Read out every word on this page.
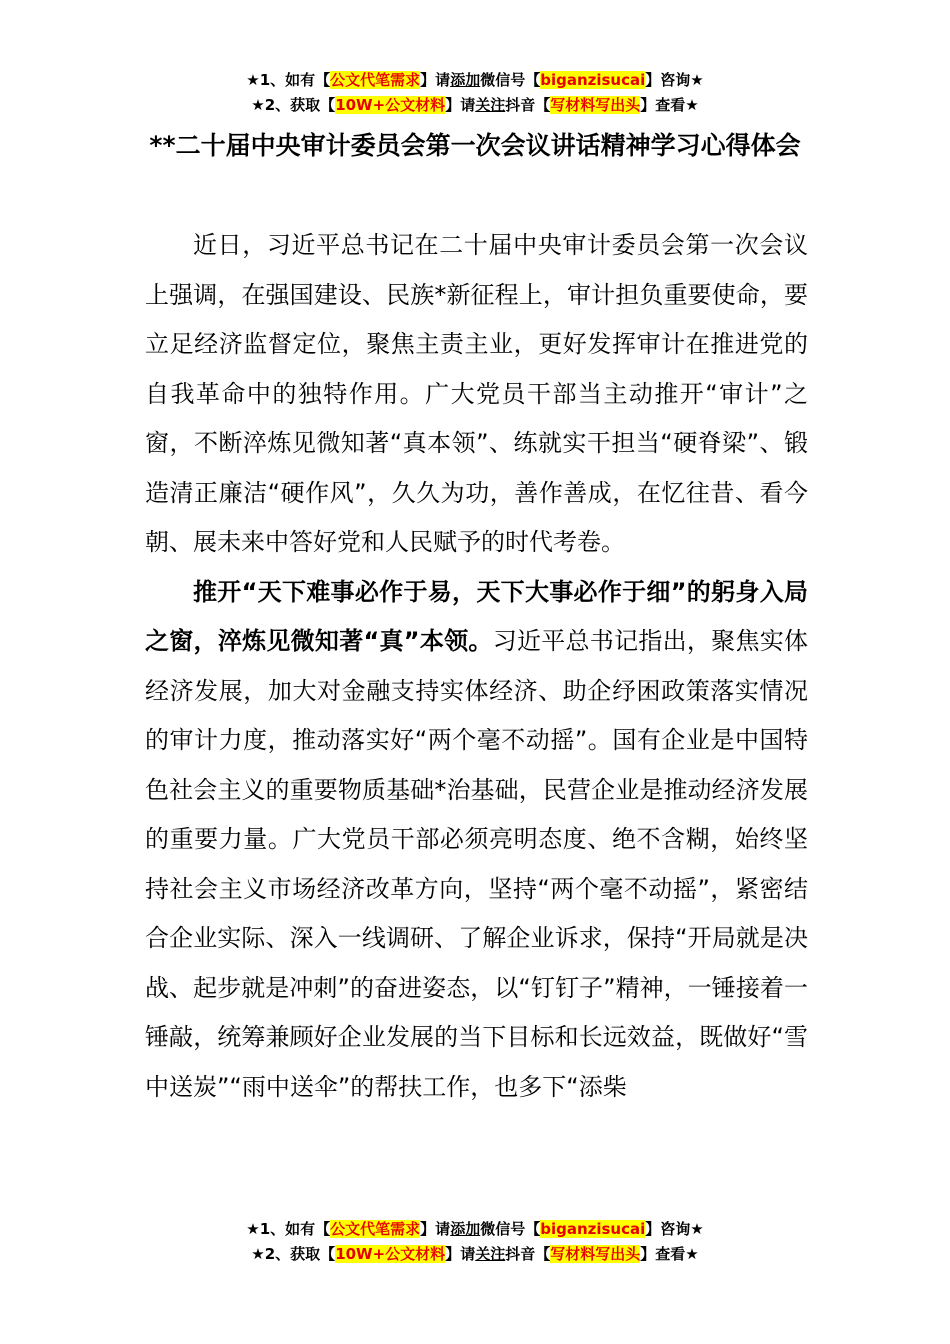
★1、如有【公文代笔需求】请添加微信号【biganzisucai】咨询★
★2、获取【10W+公文材料】请关注抖音【写材料写出头】查看★
**二十届中央审计委员会第一次会议讲话精神学习心得体会

近日，习近平总书记在二十届中央审计委员会第一次会议上强调，在强国建设、民族*新征程上，审计担负重要使命，要立足经济监督定位，聚焦主责主业，更好发挥审计在推进党的自我革命中的独特作用。广大党员干部当主动推开“审计”之窗，不断淬炼见微知著“真本领”、练就实干担当“硬脊梁”、锻造清正廉洁“硬作风”，久久为功，善作善成，在忆往昔、看今朝、展未来中答好党和人民赋予的时代考卷。

推开“天下难事必作于易，天下大事必作于细”的躬身入局之窗，淬炼见微知著“真”本领。习近平总书记指出，聚焦实体经济发展，加大对金融支持实体经济、助企纾困政策落实情况的审计力度，推动落实好“两个毫不动摇”。国有企业是中国特色社会主义的重要物质基础*治基础，民营企业是推动经济发展的重要力量。广大党员干部必须亮明态度、绝不含糊，始终坚持社会主义市场经济改革方向，坚持“两个毫不动摇”，紧密结合企业实际、深入一线调研、了解企业诉求，保持“开局就是决战、起步就是冲刺”的奋进姿态，以“钉钉子”精神，一锤接着一锤敲，统筹兼顾好企业发展的当下目标和长远效益，既做好“雪中送炭”“雨中送伞”的帮扶工作，也多下“添柴

★1、如有【公文代笔需求】请添加微信号【biganzisucai】咨询★
★2、获取【10W+公文材料】请关注抖音【写材料写出头】查看★
